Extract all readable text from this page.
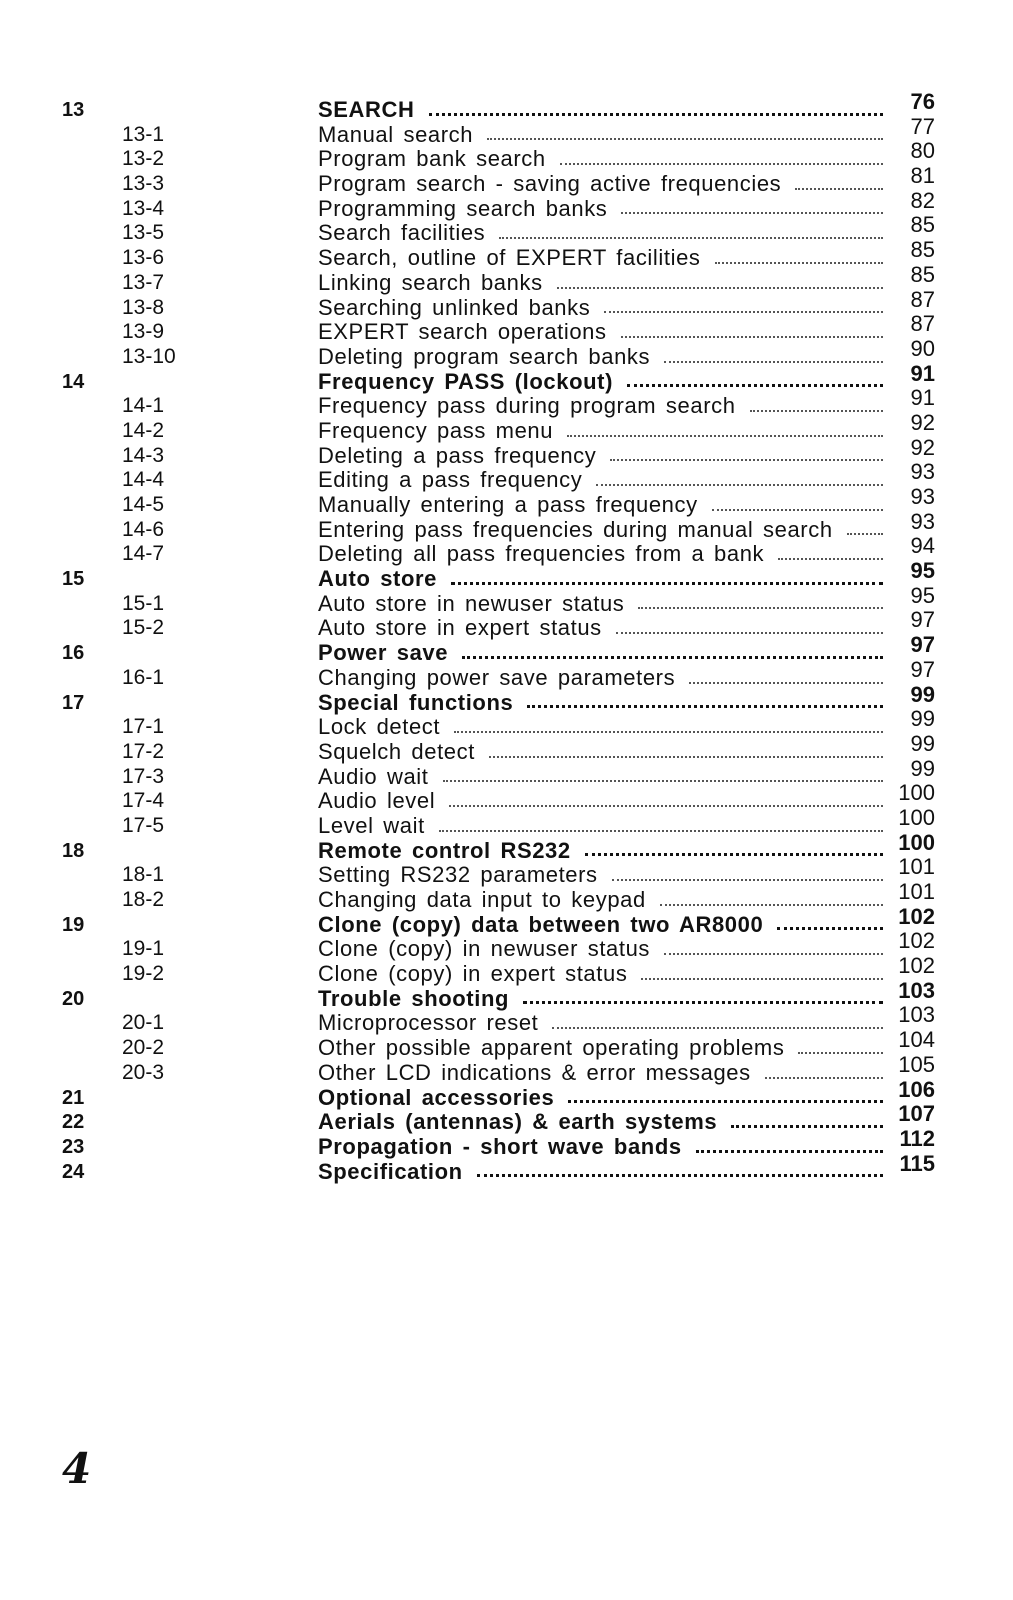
13	SEARCH	76
13-1	Manual search	77
13-2	Program bank search	80
13-3	Program search - saving active frequencies	81
13-4	Programming search banks	82
13-5	Search facilities	85
13-6	Search, outline of EXPERT facilities	85
13-7	Linking search banks	85
13-8	Searching unlinked banks	87
13-9	EXPERT search operations	87
13-10	Deleting program search banks	90
14	Frequency PASS (lockout)	91
14-1	Frequency pass during program search	91
14-2	Frequency pass menu	92
14-3	Deleting a pass frequency	92
14-4	Editing a pass frequency	93
14-5	Manually entering a pass frequency	93
14-6	Entering pass frequencies during manual search	93
14-7	Deleting all pass frequencies from a bank	94
15	Auto store	95
15-1	Auto store in newuser status	95
15-2	Auto store in expert status	97
16	Power save	97
16-1	Changing power save parameters	97
17	Special functions	99
17-1	Lock detect	99
17-2	Squelch detect	99
17-3	Audio wait	99
17-4	Audio level	100
17-5	Level wait	100
18	Remote control RS232	100
18-1	Setting RS232 parameters	101
18-2	Changing data input to keypad	101
19	Clone (copy) data between two AR8000	102
19-1	Clone (copy) in newuser status	102
19-2	Clone (copy) in expert status	102
20	Trouble shooting	103
20-1	Microprocessor reset	103
20-2	Other possible apparent operating problems	104
20-3	Other LCD indications & error messages	105
21	Optional accessories	106
22	Aerials (antennas) & earth systems	107
23	Propagation - short wave bands	112
24	Specification	115
4
